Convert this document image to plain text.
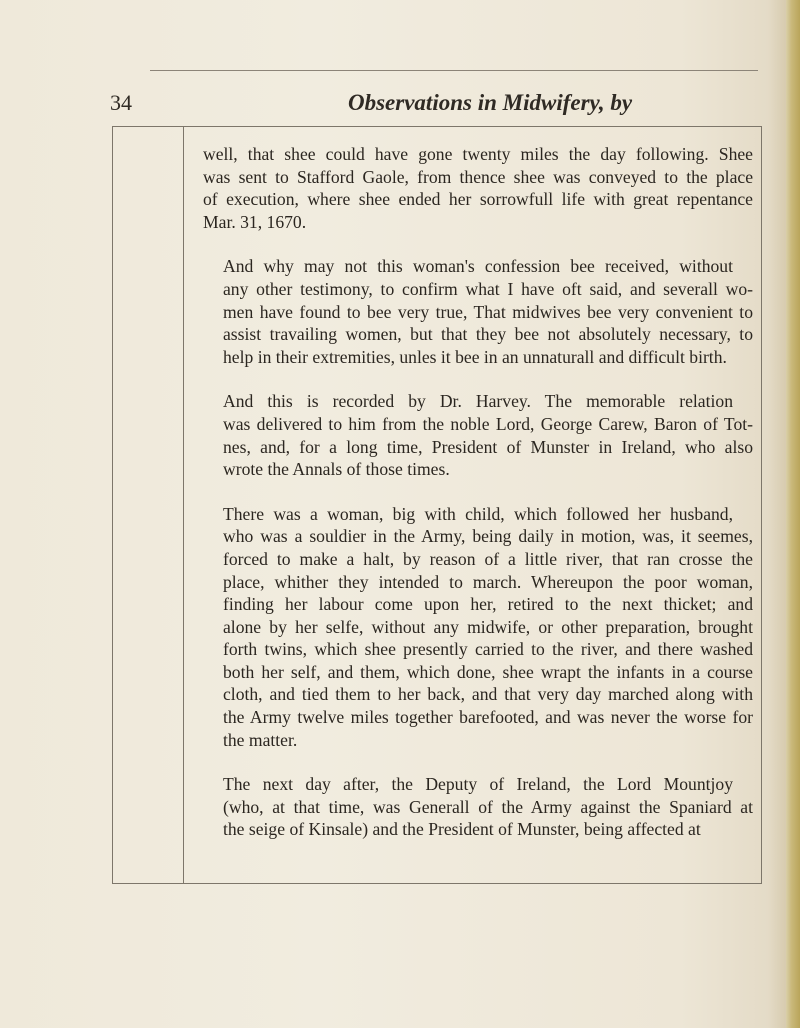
34	Observations in Midwifery, by

well, that shee could have gone twenty miles the day following. Shee
was sent to Stafford Gaole, from thence shee was conveyed to the place
of execution, where shee ended her sorrowfull life with great repentance
Mar. 31, 1670.

And why may not this woman's confession bee received, without
any other testimony, to confirm what I have oft said, and severall wo-
men have found to bee very true, That midwives bee very convenient to
assist travailing women, but that they bee not absolutely necessary, to
help in their extremities, unles it bee in an unnaturall and difficult birth.

And this is recorded by Dr. Harvey. The memorable relation
was delivered to him from the noble Lord, George Carew, Baron of Tot-
nes, and, for a long time, President of Munster in Ireland, who also
wrote the Annals of those times.

There was a woman, big with child, which followed her husband,
who was a souldier in the Army, being daily in motion, was, it seemes,
forced to make a halt, by reason of a little river, that ran crosse the
place, whither they intended to march. Whereupon the poor woman,
finding her labour come upon her, retired to the next thicket; and
alone by her selfe, without any midwife, or other preparation, brought
forth twins, which shee presently carried to the river, and there washed
both her self, and them, which done, shee wrapt the infants in a course
cloth, and tied them to her back, and that very day marched along with
the Army twelve miles together barefooted, and was never the worse for
the matter.

The next day after, the Deputy of Ireland, the Lord Mountjoy
(who, at that time, was Generall of the Army against the Spaniard at
the seige of Kinsale) and the President of Munster, being affected at
